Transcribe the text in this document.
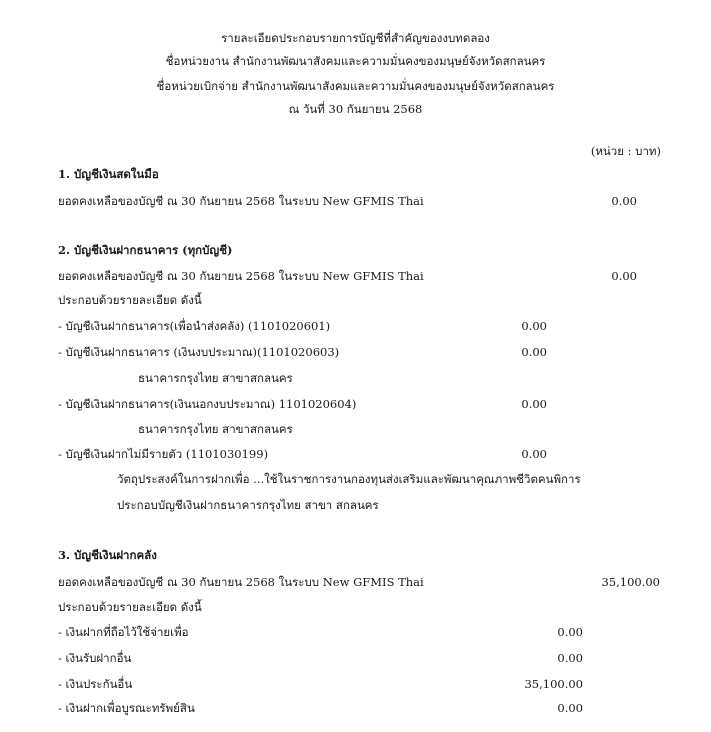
รายละเอียดประกอบรายการบัญชีที่สำคัญของงบทดลอง
ชื่อหน่วยงาน สำนักงานพัฒนาสังคมและความมั่นคงของมนุษย์จังหวัดสกลนคร
ชื่อหน่วยเบิกจ่าย สำนักงานพัฒนาสังคมและความมั่นคงของมนุษย์จังหวัดสกลนคร
ณ วันที่ 30 กันยายน 2568
(หน่วย : บาท)
1. บัญชีเงินสดในมือ
ยอดคงเหลือของบัญชี ณ 30 กันยายน 2568 ในระบบ New GFMIS Thai	0.00
2. บัญชีเงินฝากธนาคาร (ทุกบัญชี)
ยอดคงเหลือของบัญชี ณ 30 กันยายน 2568 ในระบบ New GFMIS Thai	0.00
ประกอบด้วยรายละเอียด ดังนี้
- บัญชีเงินฝากธนาคาร(เพื่อนำส่งคลัง) (1101020601)	0.00
- บัญชีเงินฝากธนาคาร (เงินงบประมาณ)(1101020603)	0.00
ธนาคารกรุงไทย สาขาสกลนคร
- บัญชีเงินฝากธนาคาร(เงินนอกงบประมาณ) 1101020604)	0.00
ธนาคารกรุงไทย สาขาสกลนคร
- บัญชีเงินฝากไม่มีรายตัว (1101030199)	0.00
วัตถุประสงค์ในการฝากเพื่อ ...ใช้ในราชการงานกองทุนส่งเสริมและพัฒนาคุณภาพชีวิตคนพิการ
ประกอบบัญชีเงินฝากธนาคารกรุงไทย สาขา สกลนคร
3. บัญชีเงินฝากคลัง
ยอดคงเหลือของบัญชี ณ 30 กันยายน 2568 ในระบบ New GFMIS Thai	35,100.00
ประกอบด้วยรายละเอียด ดังนี้
- เงินฝากที่ถือไว้ใช้จ่ายเพื่อ	0.00
- เงินรับฝากอื่น	0.00
- เงินประกันอื่น	35,100.00
- เงินฝากเพื่อบูรณะทรัพย์สิน	0.00
